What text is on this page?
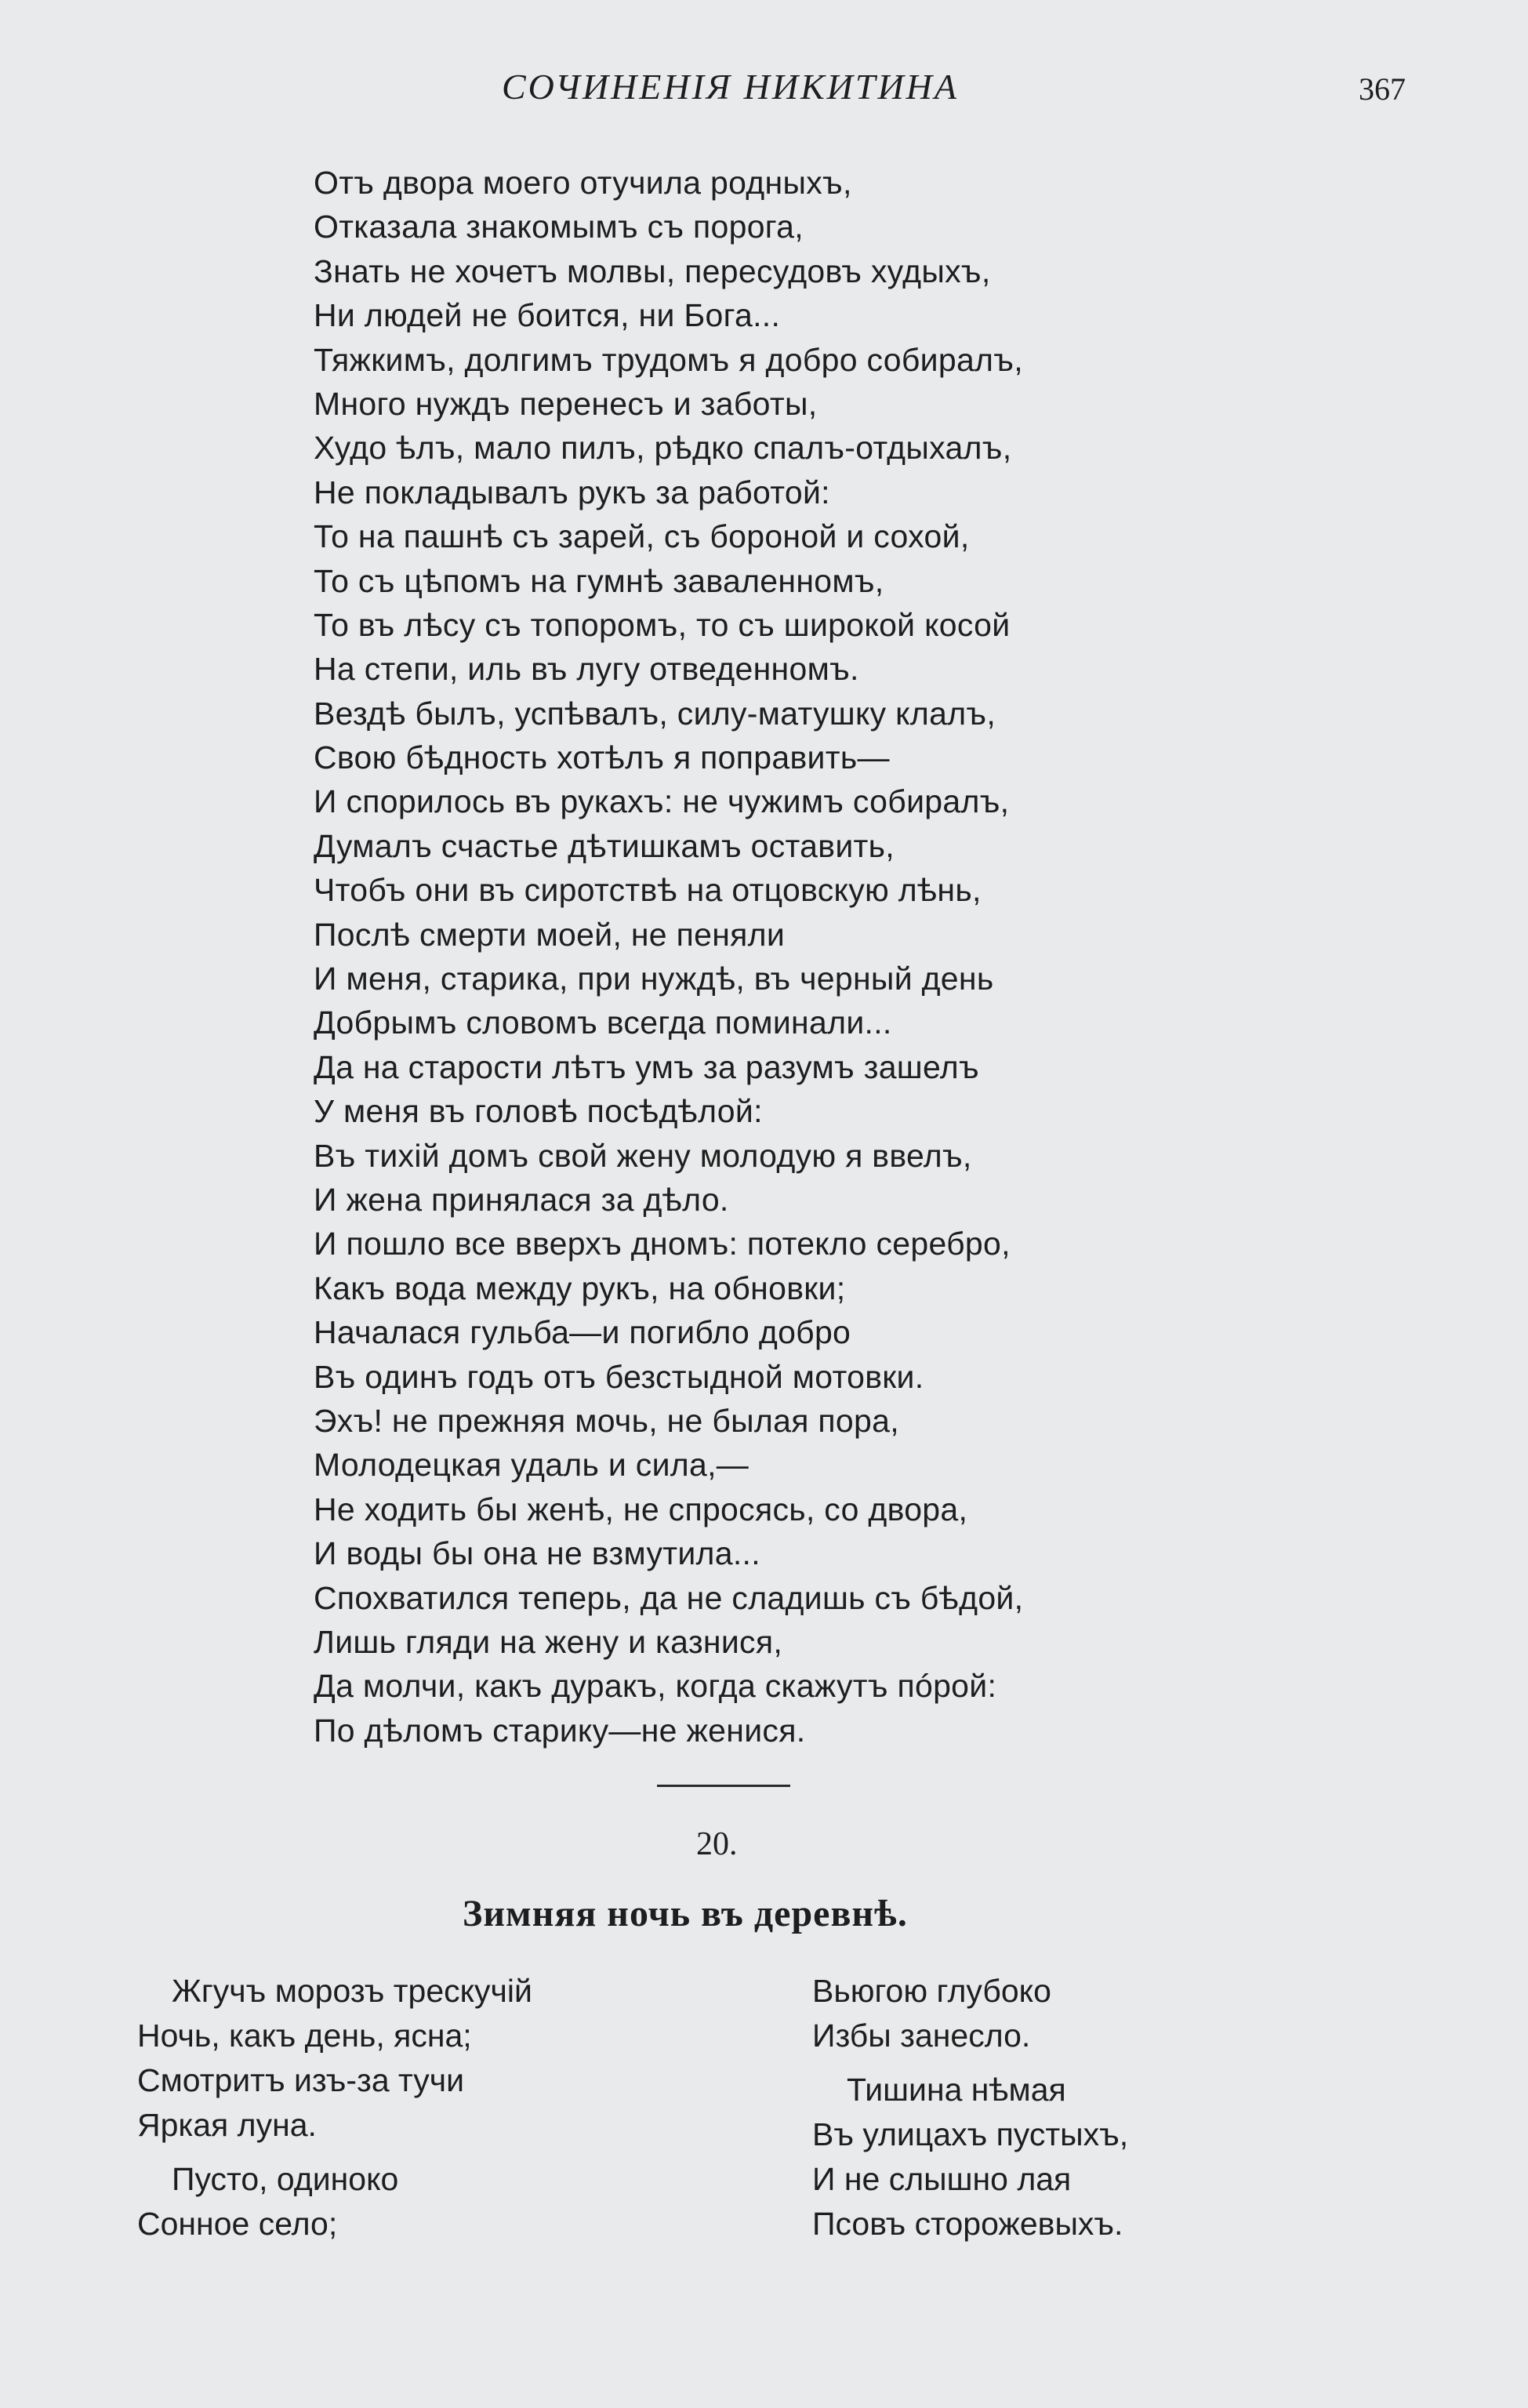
СОЧИНЕНІЯ НИКИТИНА	367
Отъ двора моего отучила родныхъ,
Отказала знакомымъ съ порога,
Знать не хочетъ молвы, пересудовъ худыхъ,
Ни людей не боится, ни Бога...
Тяжкимъ, долгимъ трудомъ я добро собиралъ,
Много нуждъ перенесъ и заботы,
Худо ѣлъ, мало пилъ, рѣдко спалъ-отдыхалъ,
Не покладывалъ рукъ за работой:
То на пашнѣ съ зарей, съ бороной и сохой,
То съ цѣпомъ на гумнѣ заваленномъ,
То въ лѣсу съ топоромъ, то съ широкой косой
На степи, иль въ лугу отведенномъ.
Вездѣ былъ, успѣвалъ, силу-матушку клалъ,
Свою бѣдность хотѣлъ я поправить—
И спорилось въ рукахъ: не чужимъ собиралъ,
Думалъ счастье дѣтишкамъ оставить,
Чтобъ они въ сиротствѣ на отцовскую лѣнь,
Послѣ смерти моей, не пеняли
И меня, старика, при нуждѣ, въ черный день
Добрымъ словомъ всегда поминали...
Да на старости лѣтъ умъ за разумъ зашелъ
У меня въ головѣ посѣдѣлой:
Въ тихій домъ свой жену молодую я ввелъ,
И жена принялася за дѣло.
И пошло все вверхъ дномъ: потекло серебро,
Какъ вода между рукъ, на обновки;
Началася гульба—и погибло добро
Въ одинъ годъ отъ безстыдной мотовки.
Эхъ! не прежняя мочь, не былая пора,
Молодецкая удаль и сила,—
Не ходить бы женѣ, не спросясь, со двора,
И воды бы она не взмутила...
Спохватился теперь, да не сладишь съ бѣдой,
Лишь гляди на жену и казнися,
Да молчи, какъ дуракъ, когда скажутъ пóрой:
По дѣломъ старику—не женися.
20.
Зимняя ночь въ деревнѣ.
Жгучъ морозъ трескучій
Ночь, какъ день, ясна;
Смотритъ изъ-за тучи
Яркая луна.
Пусто, одиноко
Сонное село;
Вьюгою глубоко
Избы занесло.
Тишина нѣмая
Въ улицахъ пустыхъ,
И не слышно лая
Псовъ сторожевыхъ.
